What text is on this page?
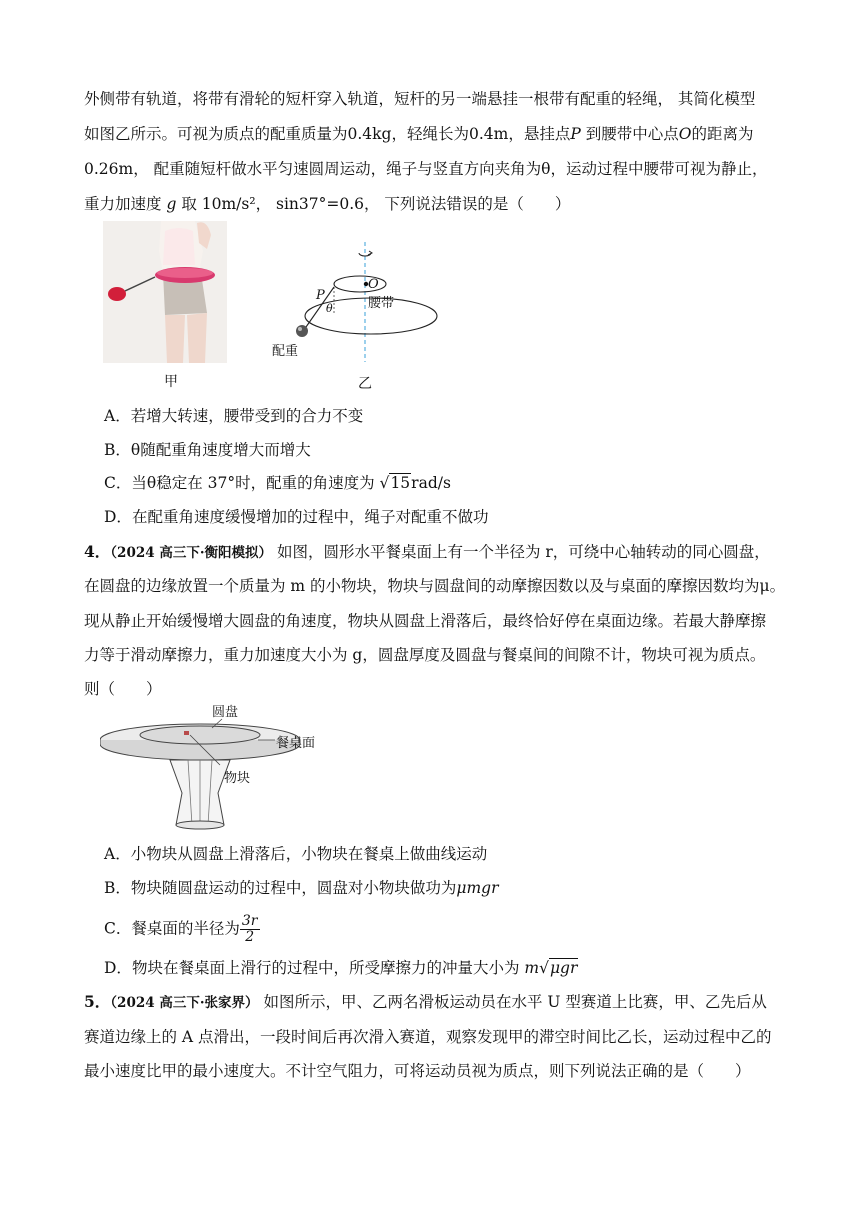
外侧带有轨道，将带有滑轮的短杆穿入轨道，短杆的另一端悬挂一根带有配重的轻绳， 其简化模型
如图乙所示。可视为质点的配重质量为0.4kg，轻绳长为0.4m，悬挂点P 到腰带中心点O的距离为
0.26m， 配重随短杆做水平匀速圆周运动，绳子与竖直方向夹角为θ，运动过程中腰带可视为静止，
重力加速度 g 取 10m/s²， sin37°=0.6， 下列说法错误的是（　　）
甲
P
θ
O
腰带
配重
乙
A．若增大转速，腰带受到的合力不变
B．θ随配重角速度增大而增大
C．当θ稳定在 37°时，配重的角速度为 √15rad/s
D．在配重角速度缓慢增加的过程中，绳子对配重不做功
4．（2024 高三下·衡阳模拟） 如图，圆形水平餐桌面上有一个半径为 r，可绕中心轴转动的同心圆盘，
在圆盘的边缘放置一个质量为 m 的小物块，物块与圆盘间的动摩擦因数以及与桌面的摩擦因数均为μ。
现从静止开始缓慢增大圆盘的角速度，物块从圆盘上滑落后，最终恰好停在桌面边缘。若最大静摩擦
力等于滑动摩擦力，重力加速度大小为 g，圆盘厚度及圆盘与餐桌间的间隙不计，物块可视为质点。
则（　　）
圆盘
餐桌面
物块
A．小物块从圆盘上滑落后，小物块在餐桌上做曲线运动
B．物块随圆盘运动的过程中，圆盘对小物块做功为μmgr
C．餐桌面的半径为 $\frac{3r}{2}$
D．物块在餐桌面上滑行的过程中，所受摩擦力的冲量大小为 m√μgr
5．（2024 高三下·张家界） 如图所示，甲、乙两名滑板运动员在水平 U 型赛道上比赛，甲、乙先后从
赛道边缘上的 A 点滑出，一段时间后再次滑入赛道，观察发现甲的滞空时间比乙长，运动过程中乙的
最小速度比甲的最小速度大。不计空气阻力，可将运动员视为质点，则下列说法正确的是（　　）
